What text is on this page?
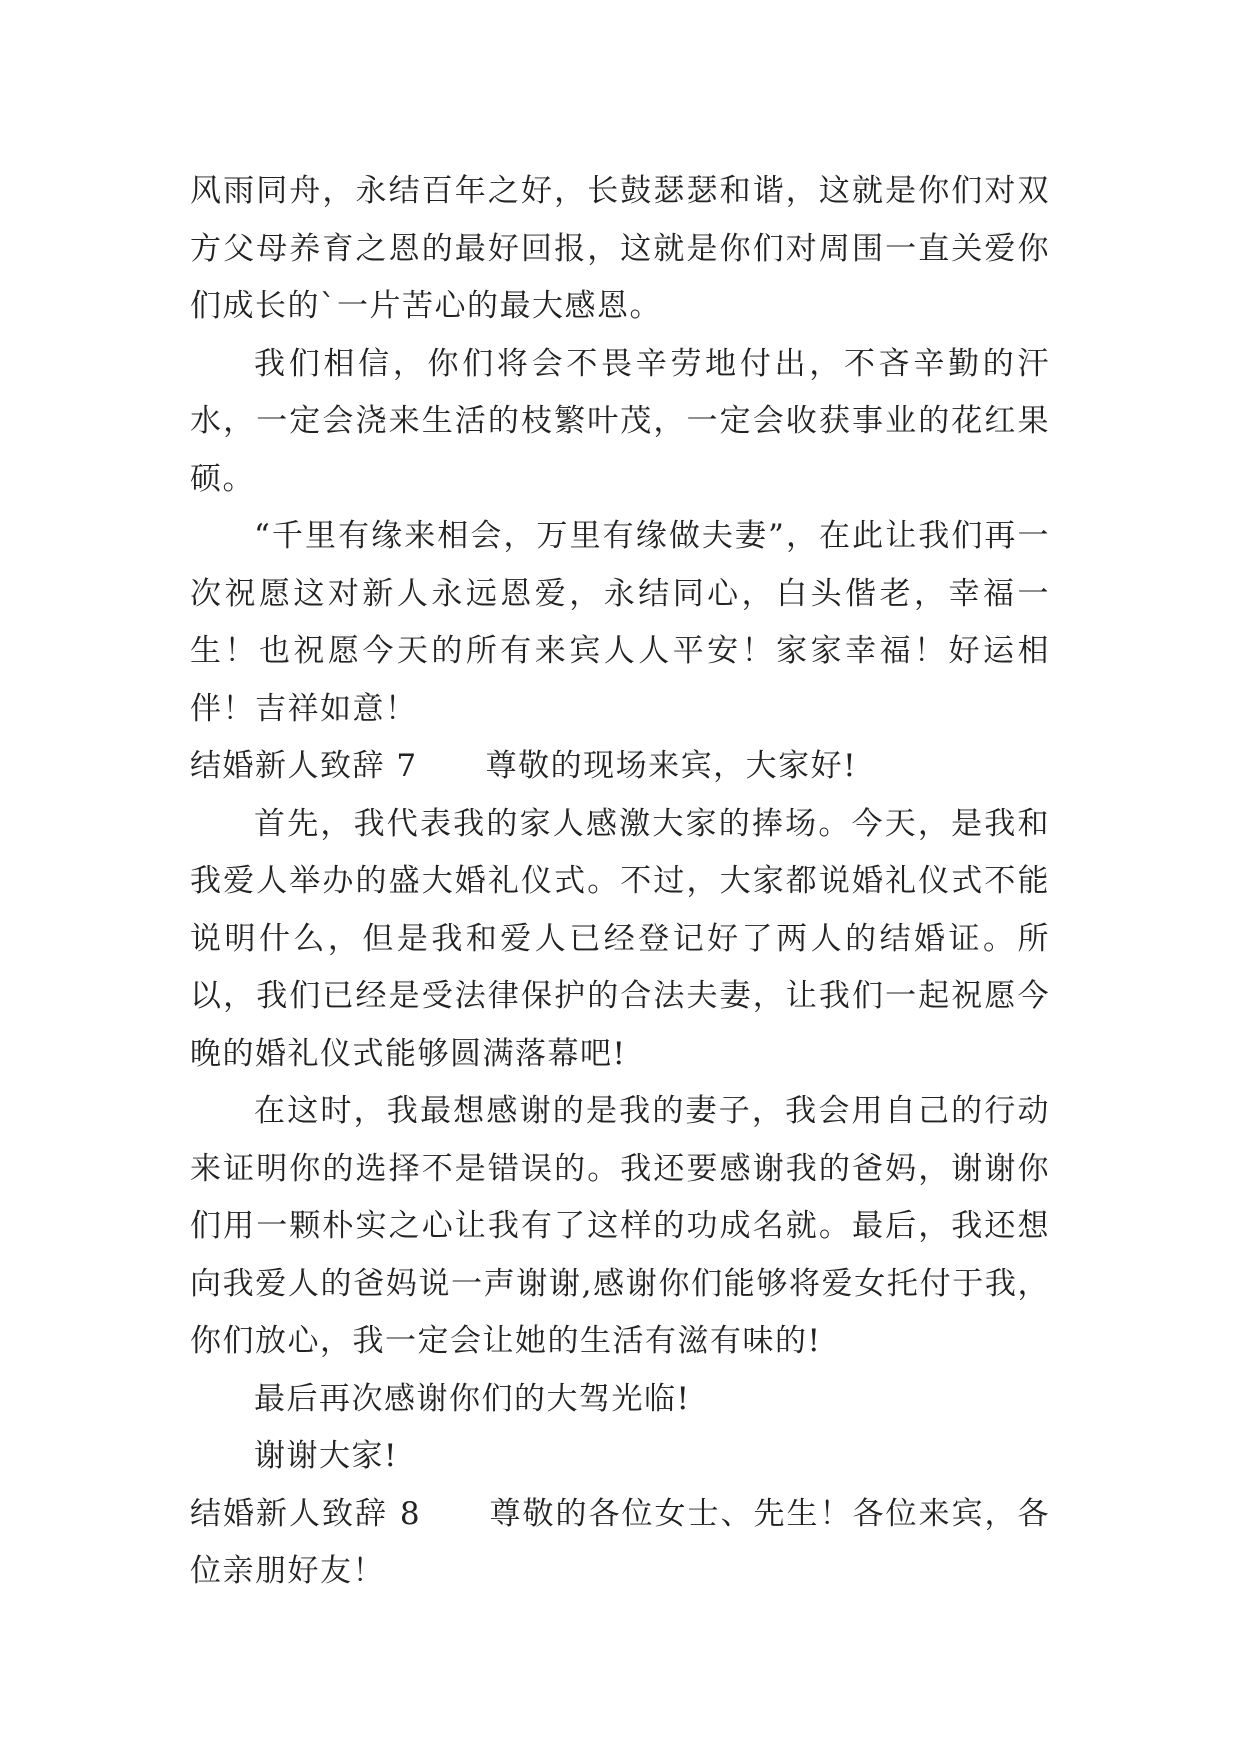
风雨同舟，永结百年之好，长鼓瑟瑟和谐，这就是你们对双方父母养育之恩的最好回报，这就是你们对周围一直关爱你们成长的`一片苦心的最大感恩。

我们相信，你们将会不畏辛劳地付出，不吝辛勤的汗水，一定会浇来生活的枝繁叶茂，一定会收获事业的花红果硕。

“千里有缘来相会，万里有缘做夫妻”，在此让我们再一次祝愿这对新人永远恩爱，永结同心，白头偕老，幸福一生！也祝愿今天的所有来宾人人平安！家家幸福！好运相伴！吉祥如意！

结婚新人致辞 7 尊敬的现场来宾，大家好!

首先，我代表我的家人感激大家的捧场。今天，是我和我爱人举办的盛大婚礼仪式。不过，大家都说婚礼仪式不能说明什么，但是我和爱人已经登记好了两人的结婚证。所以，我们已经是受法律保护的合法夫妻，让我们一起祝愿今晚的婚礼仪式能够圆满落幕吧!

在这时，我最想感谢的是我的妻子，我会用自己的行动来证明你的选择不是错误的。我还要感谢我的爸妈，谢谢你们用一颗朴实之心让我有了这样的功成名就。最后，我还想向我爱人的爸妈说一声谢谢,感谢你们能够将爱女托付于我，你们放心，我一定会让她的生活有滋有味的!

最后再次感谢你们的大驾光临!

谢谢大家!

结婚新人致辞 8 尊敬的各位女士、先生！各位来宾，各位亲朋好友！
